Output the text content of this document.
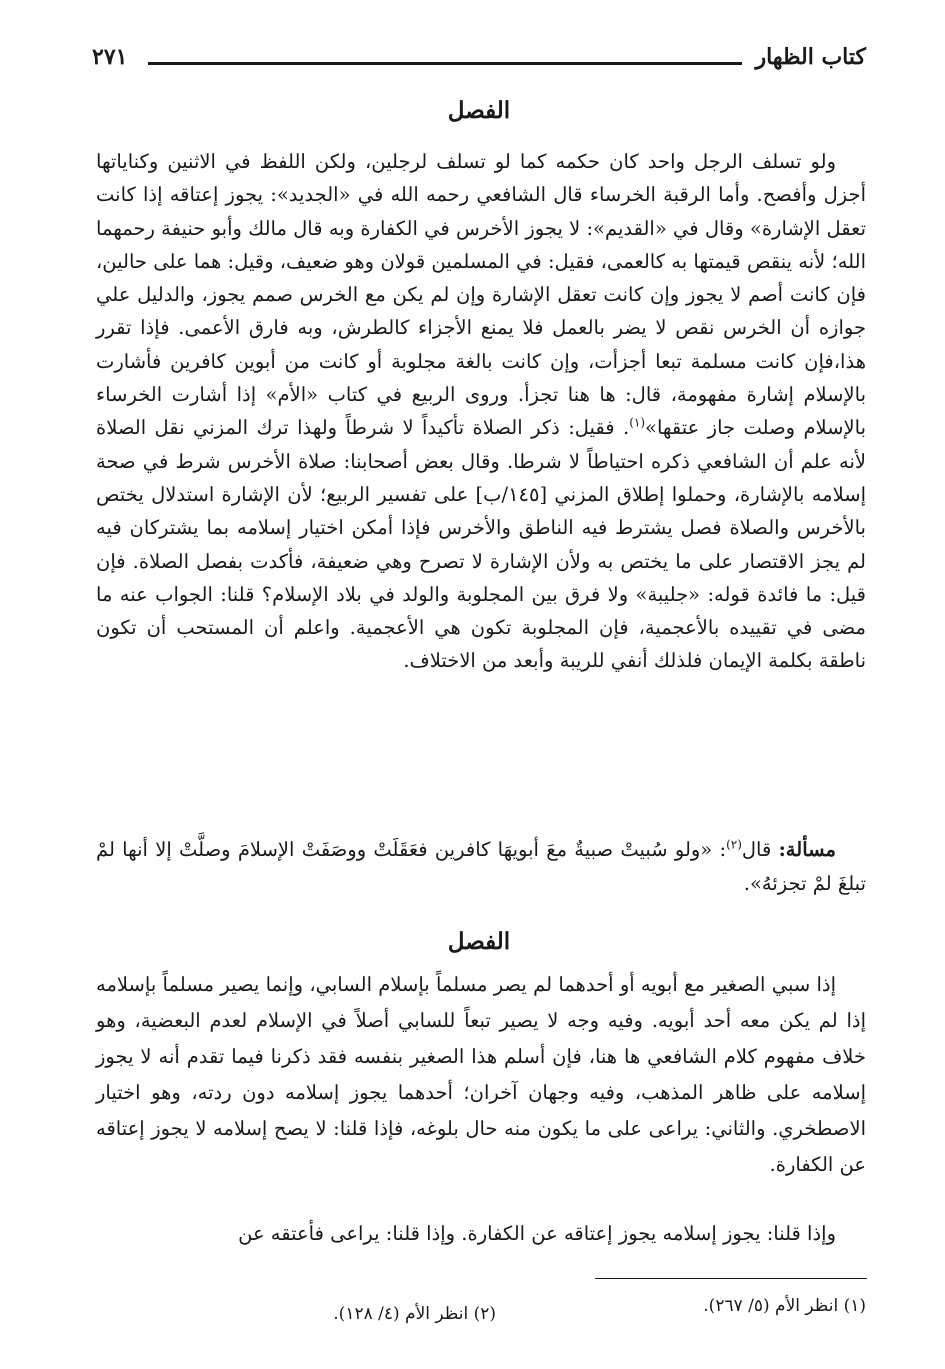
كتاب الظهار
٢٧١
الفصل

ولو تسلف الرجل واحد كان حكمه كما لو تسلف لرجلين، ولكن اللفظ في الاثنين وكناياتها أجزل وأفصح. وأما الرقبة الخرساء قال الشافعي رحمه الله في «الجديد»: يجوز إعتاقه إذا كانت تعقل الإشارة» وقال في «القديم»: لا يجوز الأخرس في الكفارة وبه قال مالك وأبو حنيفة رحمهما الله؛ لأنه ينقص قيمتها به كالعمى، فقيل: في المسلمين قولان وهو ضعيف، وقيل: هما على حالين، فإن كانت أصم لا يجوز وإن كانت تعقل الإشارة وإن لم يكن مع الخرس صمم يجوز، والدليل علي جوازه أن الخرس نقص لا يضر بالعمل فلا يمنع الأجزاء كالطرش، وبه فارق الأعمى. فإذا تقرر هذا،فإن كانت مسلمة تبعا أجزأت، وإن كانت بالغة مجلوبة أو كانت من أبوين كافرين فأشارت بالإسلام إشارة مفهومة، قال: ها هنا تجزأ. وروى الربيع في كتاب «الأم» إذا أشارت الخرساء بالإسلام وصلت جاز عتقها»$^{(١)}$. فقيل: ذكر الصلاة تأكيداً لا شرطاً ولهذا ترك المزني نقل الصلاة لأنه علم أن الشافعي ذكره احتياطاً لا شرطا. وقال بعض أصحابنا: صلاة الأخرس شرط في صحة إسلامه بالإشارة، وحملوا إطلاق المزني [١٤٥/ب] على تفسير الربيع؛ لأن الإشارة استدلال يختص بالأخرس والصلاة فصل يشترط فيه الناطق والأخرس فإذا أمكن اختيار إسلامه بما يشتركان فيه لم يجز الاقتصار على ما يختص به ولأن الإشارة لا تصرح وهي ضعيفة، فأكدت بفصل الصلاة. فإن قيل: ما فائدة قوله: «جليبة» ولا فرق بين المجلوبة والولد في بلاد الإسلام؟ قلنا: الجواب عنه ما مضى في تقييده بالأعجمية، فإن المجلوبة تكون هي الأعجمية. واعلم أن المستحب أن تكون ناطقة بكلمة الإيمان فلذلك أنفي للريبة وأبعد من الاختلاف.

مسألة: قال$^{(٢)}$: «ولو سُبيتْ صبيةٌ معَ أبويهَا كافرين فعَقَلَتْ ووصَفَتْ الإسلامَ وصلَّتْ إلا أنها لمْ تبلغَ لمْ تجزئهُ».

الفصل

إذا سبي الصغير مع أبويه أو أحدهما لم يصر مسلماً بإسلام السابي، وإنما يصير مسلماً بإسلامه إذا لم يكن معه أحد أبويه. وفيه وجه لا يصير تبعاً للسابي أصلاً في الإسلام لعدم البعضية، وهو خلاف مفهوم كلام الشافعي ها هنا، فإن أسلم هذا الصغير بنفسه فقد ذكرنا فيما تقدم أنه لا يجوز إسلامه على ظاهر المذهب، وفيه وجهان آخران؛ أحدهما يجوز إسلامه دون ردته، وهو اختيار الاصطخري. والثاني: يراعى على ما يكون منه حال بلوغه، فإذا قلنا: لا يصح إسلامه لا يجوز إعتاقه عن الكفارة.

وإذا قلنا: يجوز إسلامه يجوز إعتاقه عن الكفارة. وإذا قلنا: يراعى فأعتقه عن

(١) انظر الأم (٥/ ٢٦٧).
(٢) انظر الأم (٤/ ١٢٨).
